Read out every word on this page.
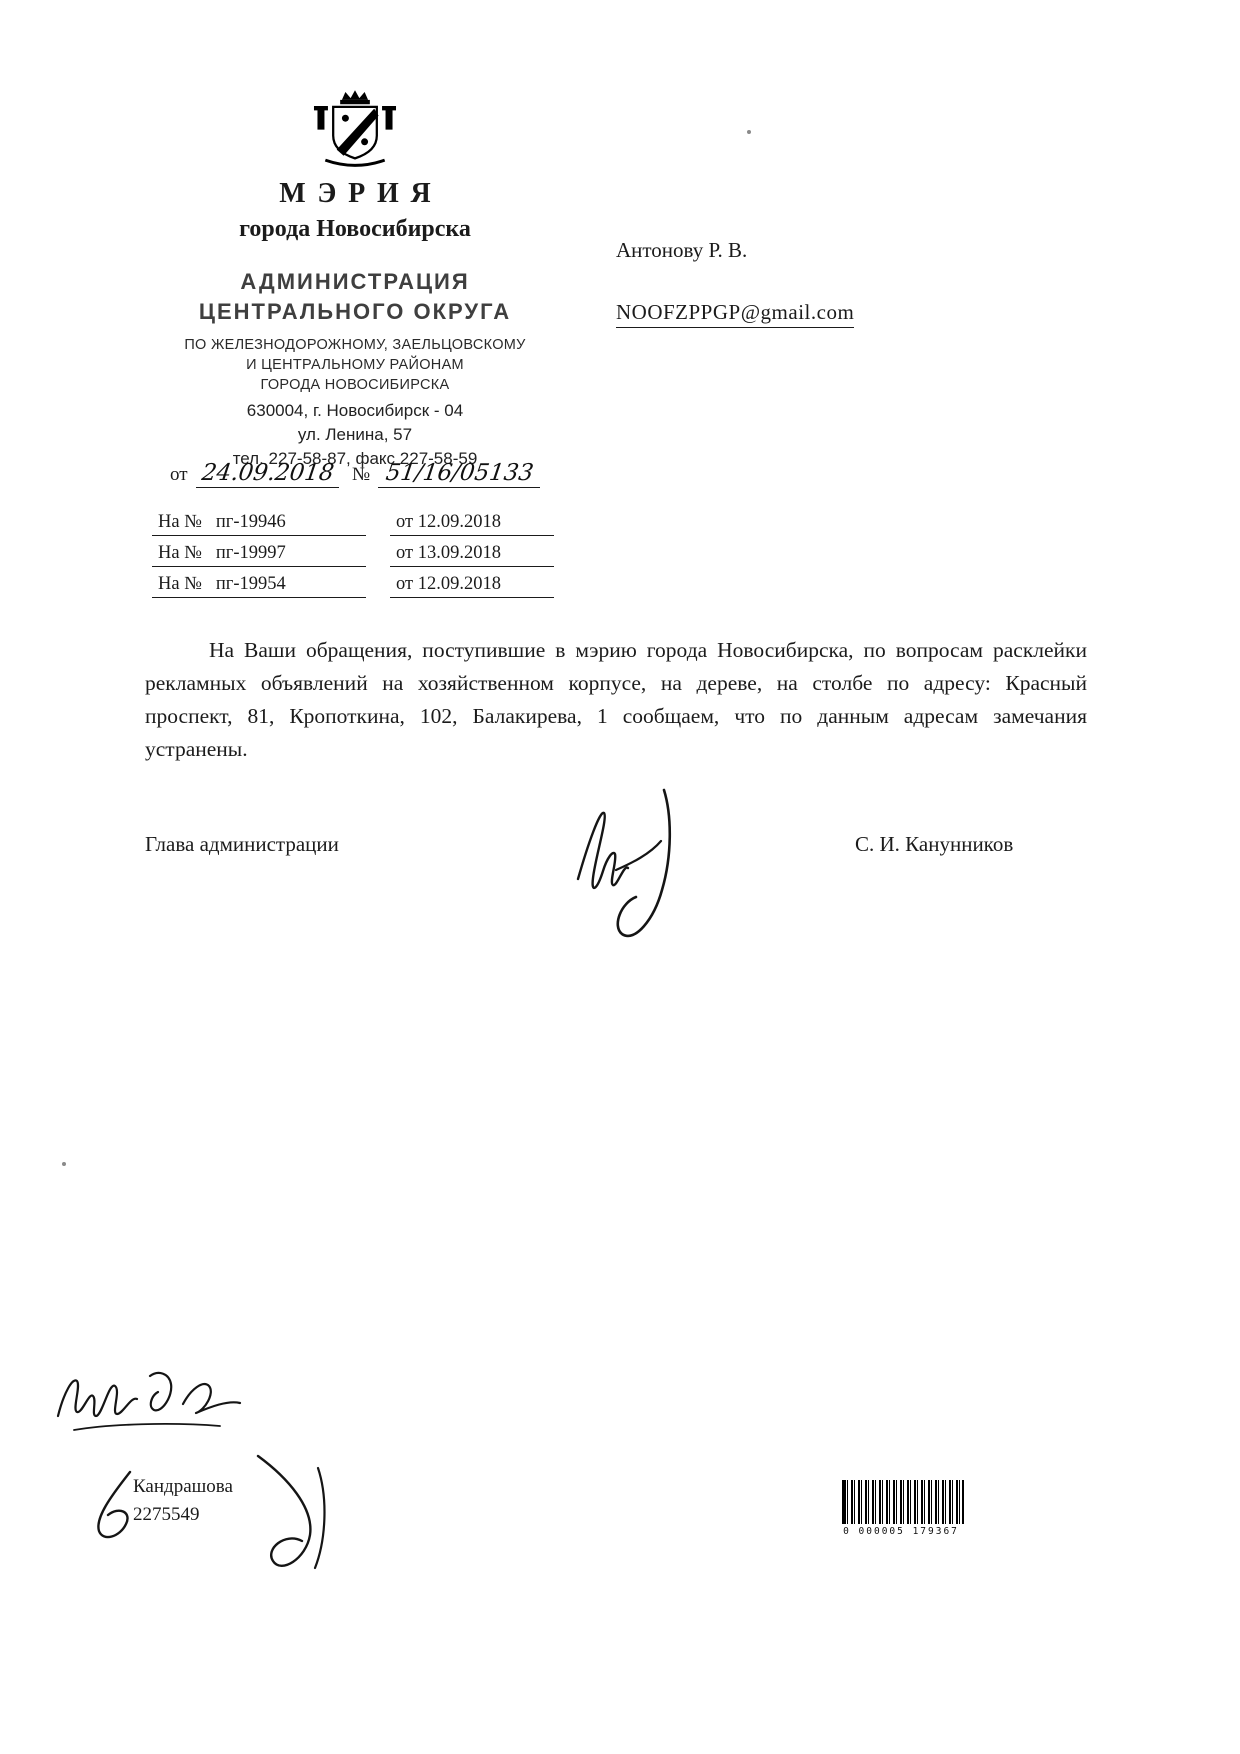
МЭРИЯ
города Новосибирска
АДМИНИСТРАЦИЯ
ЦЕНТРАЛЬНОГО ОКРУГА
ПО ЖЕЛЕЗНОДОРОЖНОМУ, ЗАЕЛЬЦОВСКОМУ
И ЦЕНТРАЛЬНОМУ РАЙОНАМ
ГОРОДА НОВОСИБИРСКА
630004, г. Новосибирск - 04
ул. Ленина, 57
тел. 227-58-87, факс 227-58-59
Антонову Р. В.
NOOFZPPGP@gmail.com
от 24.09.2018 № 51/16/05133
На № пг-19946	от 12.09.2018
На № пг-19997	от 13.09.2018
На № пг-19954	от 12.09.2018
На Ваши обращения, поступившие в мэрию города Новосибирска, по вопросам расклейки рекламных объявлений на хозяйственном корпусе, на дереве, на столбе по адресу: Красный проспект, 81, Кропоткина, 102, Балакирева, 1 сообщаем, что по данным адресам замечания устранены.
Глава администрации	С. И. Канунников
Кандрашова
2275549
0 000005 179367
